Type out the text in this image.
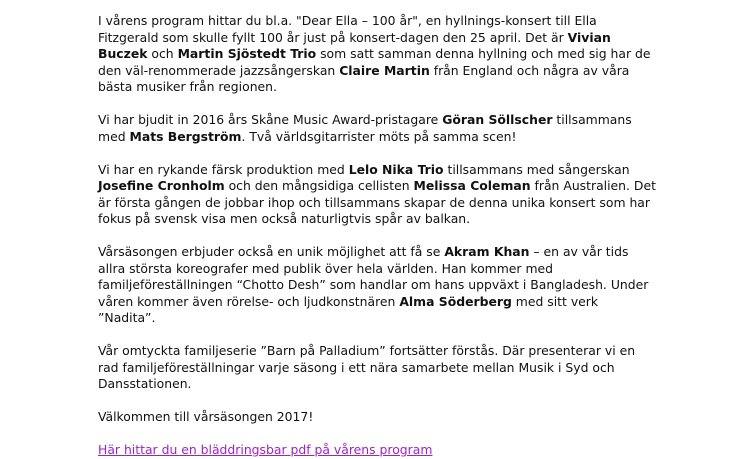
I vårens program hittar du bl.a. "Dear Ella – 100 år", en hyllnings-konsert till Ella Fitzgerald som skulle fyllt 100 år just på konsert-dagen den 25 april. Det är Vivian Buczek och Martin Sjöstedt Trio som satt samman denna hyllning och med sig har de den väl-renommerade jazzsångerskan Claire Martin från England och några av våra bästa musiker från regionen.

Vi har bjudit in 2016 års Skåne Music Award-pristagare Göran Söllscher tillsammans med Mats Bergström. Två världsgitarrister möts på samma scen!

Vi har en rykande färsk produktion med Lelo Nika Trio tillsammans med sångerskan Josefine Cronholm och den mångsidiga cellisten Melissa Coleman från Australien. Det är första gången de jobbar ihop och tillsammans skapar de denna unika konsert som har fokus på svensk visa men också naturligtvis spår av balkan.

Vårsäsongen erbjuder också en unik möjlighet att få se Akram Khan – en av vår tids allra största koreografer med publik över hela världen. Han kommer med familjeföreställningen “Chotto Desh” som handlar om hans uppväxt i Bangladesh. Under våren kommer även rörelse- och ljudkonstnären Alma Söderberg med sitt verk ”Nadita”.

Vår omtyckta familjeserie ”Barn på Palladium” fortsätter förstås. Där presenterar vi en rad familjeföreställningar varje säsong i ett nära samarbete mellan Musik i Syd och Dansstationen.

Välkommen till vårsäsongen 2017!

Här hittar du en bläddringsbar pdf på vårens program
